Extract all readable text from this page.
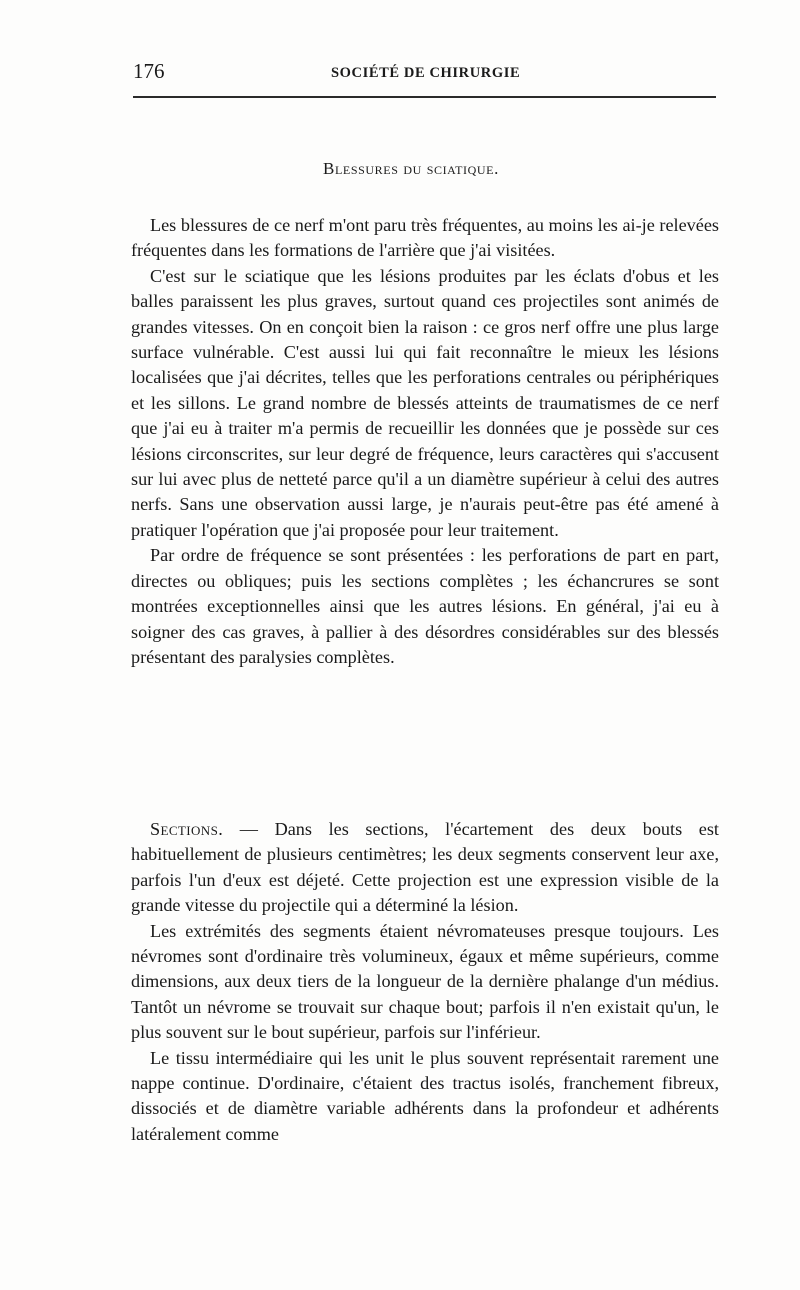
176	SOCIÉTÉ DE CHIRURGIE
Blessures du sciatique.

Les blessures de ce nerf m'ont paru très fréquentes, au moins les ai-je relevées fréquentes dans les formations de l'arrière que j'ai visitées.

C'est sur le sciatique que les lésions produites par les éclats d'obus et les balles paraissent les plus graves, surtout quand ces projectiles sont animés de grandes vitesses. On en conçoit bien la raison : ce gros nerf offre une plus large surface vulnérable. C'est aussi lui qui fait reconnaître le mieux les lésions localisées que j'ai décrites, telles que les perforations centrales ou périphériques et les sillons. Le grand nombre de blessés atteints de traumatismes de ce nerf que j'ai eu à traiter m'a permis de recueillir les données que je possède sur ces lésions circonscrites, sur leur degré de fréquence, leurs caractères qui s'accusent sur lui avec plus de netteté parce qu'il a un diamètre supérieur à celui des autres nerfs. Sans une observation aussi large, je n'aurais peut-être pas été amené à pratiquer l'opération que j'ai proposée pour leur traitement.

Par ordre de fréquence se sont présentées : les perforations de part en part, directes ou obliques; puis les sections complètes ; les échancrures se sont montrées exceptionnelles ainsi que les autres lésions. En général, j'ai eu à soigner des cas graves, à pallier à des désordres considérables sur des blessés présentant des paralysies complètes.

Sections. — Dans les sections, l'écartement des deux bouts est habituellement de plusieurs centimètres; les deux segments conservent leur axe, parfois l'un d'eux est déjeté. Cette projection est une expression visible de la grande vitesse du projectile qui a déterminé la lésion.

Les extrémités des segments étaient névromateuses presque toujours. Les névromes sont d'ordinaire très volumineux, égaux et même supérieurs, comme dimensions, aux deux tiers de la longueur de la dernière phalange d'un médius. Tantôt un névrome se trouvait sur chaque bout; parfois il n'en existait qu'un, le plus souvent sur le bout supérieur, parfois sur l'inférieur.

Le tissu intermédiaire qui les unit le plus souvent représentait rarement une nappe continue. D'ordinaire, c'étaient des tractus isolés, franchement fibreux, dissociés et de diamètre variable adhérents dans la profondeur et adhérents latéralement comme
